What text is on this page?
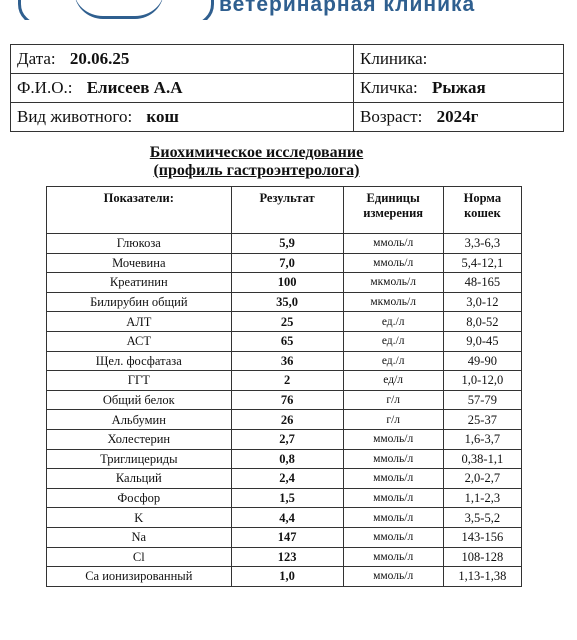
ветеринарная клиника
Дата: 20.06.25	Клиника:
Ф.И.О.: Елисеев А.А	Кличка: Рыжая
Вид животного: кош	Возраст: 2024г
Биохимическое исследование
(профиль гастроэнтеролога)
Показатели:	Результат	Единицы измерения	Норма кошек
Глюкоза	5,9	ммоль/л	3,3-6,3
Мочевина	7,0	ммоль/л	5,4-12,1
Креатинин	100	мкмоль/л	48-165
Билирубин общий	35,0	мкмоль/л	3,0-12
АЛТ	25	ед./л	8,0-52
АСТ	65	ед./л	9,0-45
Щел. фосфатаза	36	ед./л	49-90
ГГТ	2	ед/л	1,0-12,0
Общий белок	76	г/л	57-79
Альбумин	26	г/л	25-37
Холестерин	2,7	ммоль/л	1,6-3,7
Триглицериды	0,8	ммоль/л	0,38-1,1
Кальций	2,4	ммоль/л	2,0-2,7
Фосфор	1,5	ммоль/л	1,1-2,3
K	4,4	ммоль/л	3,5-5,2
Na	147	ммоль/л	143-156
Cl	123	ммоль/л	108-128
Ca ионизированный	1,0	ммоль/л	1,13-1,38
